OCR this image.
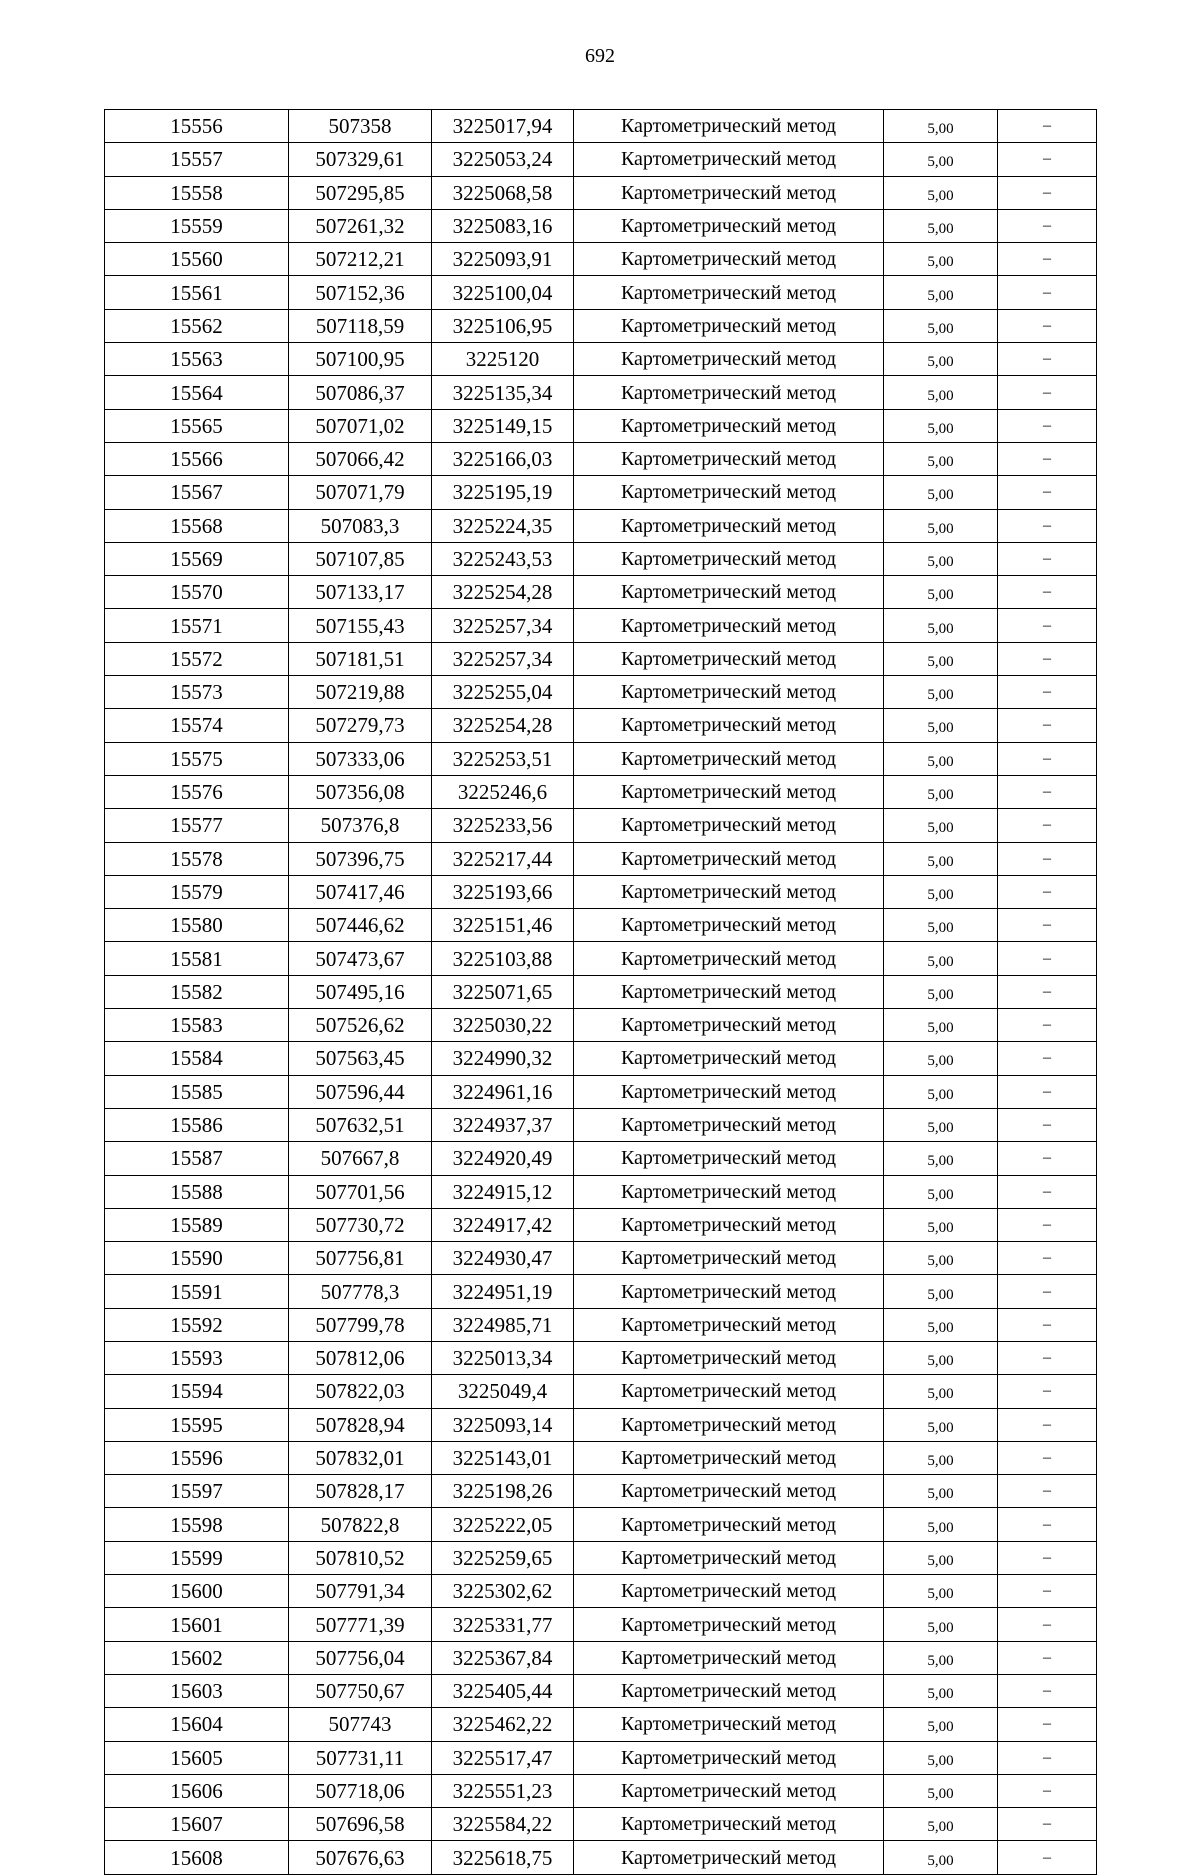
692
15556	507358	3225017,94	Картометрический метод	5,00	–
15557	507329,61	3225053,24	Картометрический метод	5,00	–
15558	507295,85	3225068,58	Картометрический метод	5,00	–
15559	507261,32	3225083,16	Картометрический метод	5,00	–
15560	507212,21	3225093,91	Картометрический метод	5,00	–
15561	507152,36	3225100,04	Картометрический метод	5,00	–
15562	507118,59	3225106,95	Картометрический метод	5,00	–
15563	507100,95	3225120	Картометрический метод	5,00	–
15564	507086,37	3225135,34	Картометрический метод	5,00	–
15565	507071,02	3225149,15	Картометрический метод	5,00	–
15566	507066,42	3225166,03	Картометрический метод	5,00	–
15567	507071,79	3225195,19	Картометрический метод	5,00	–
15568	507083,3	3225224,35	Картометрический метод	5,00	–
15569	507107,85	3225243,53	Картометрический метод	5,00	–
15570	507133,17	3225254,28	Картометрический метод	5,00	–
15571	507155,43	3225257,34	Картометрический метод	5,00	–
15572	507181,51	3225257,34	Картометрический метод	5,00	–
15573	507219,88	3225255,04	Картометрический метод	5,00	–
15574	507279,73	3225254,28	Картометрический метод	5,00	–
15575	507333,06	3225253,51	Картометрический метод	5,00	–
15576	507356,08	3225246,6	Картометрический метод	5,00	–
15577	507376,8	3225233,56	Картометрический метод	5,00	–
15578	507396,75	3225217,44	Картометрический метод	5,00	–
15579	507417,46	3225193,66	Картометрический метод	5,00	–
15580	507446,62	3225151,46	Картометрический метод	5,00	–
15581	507473,67	3225103,88	Картометрический метод	5,00	–
15582	507495,16	3225071,65	Картометрический метод	5,00	–
15583	507526,62	3225030,22	Картометрический метод	5,00	–
15584	507563,45	3224990,32	Картометрический метод	5,00	–
15585	507596,44	3224961,16	Картометрический метод	5,00	–
15586	507632,51	3224937,37	Картометрический метод	5,00	–
15587	507667,8	3224920,49	Картометрический метод	5,00	–
15588	507701,56	3224915,12	Картометрический метод	5,00	–
15589	507730,72	3224917,42	Картометрический метод	5,00	–
15590	507756,81	3224930,47	Картометрический метод	5,00	–
15591	507778,3	3224951,19	Картометрический метод	5,00	–
15592	507799,78	3224985,71	Картометрический метод	5,00	–
15593	507812,06	3225013,34	Картометрический метод	5,00	–
15594	507822,03	3225049,4	Картометрический метод	5,00	–
15595	507828,94	3225093,14	Картометрический метод	5,00	–
15596	507832,01	3225143,01	Картометрический метод	5,00	–
15597	507828,17	3225198,26	Картометрический метод	5,00	–
15598	507822,8	3225222,05	Картометрический метод	5,00	–
15599	507810,52	3225259,65	Картометрический метод	5,00	–
15600	507791,34	3225302,62	Картометрический метод	5,00	–
15601	507771,39	3225331,77	Картометрический метод	5,00	–
15602	507756,04	3225367,84	Картометрический метод	5,00	–
15603	507750,67	3225405,44	Картометрический метод	5,00	–
15604	507743	3225462,22	Картометрический метод	5,00	–
15605	507731,11	3225517,47	Картометрический метод	5,00	–
15606	507718,06	3225551,23	Картометрический метод	5,00	–
15607	507696,58	3225584,22	Картометрический метод	5,00	–
15608	507676,63	3225618,75	Картометрический метод	5,00	–
